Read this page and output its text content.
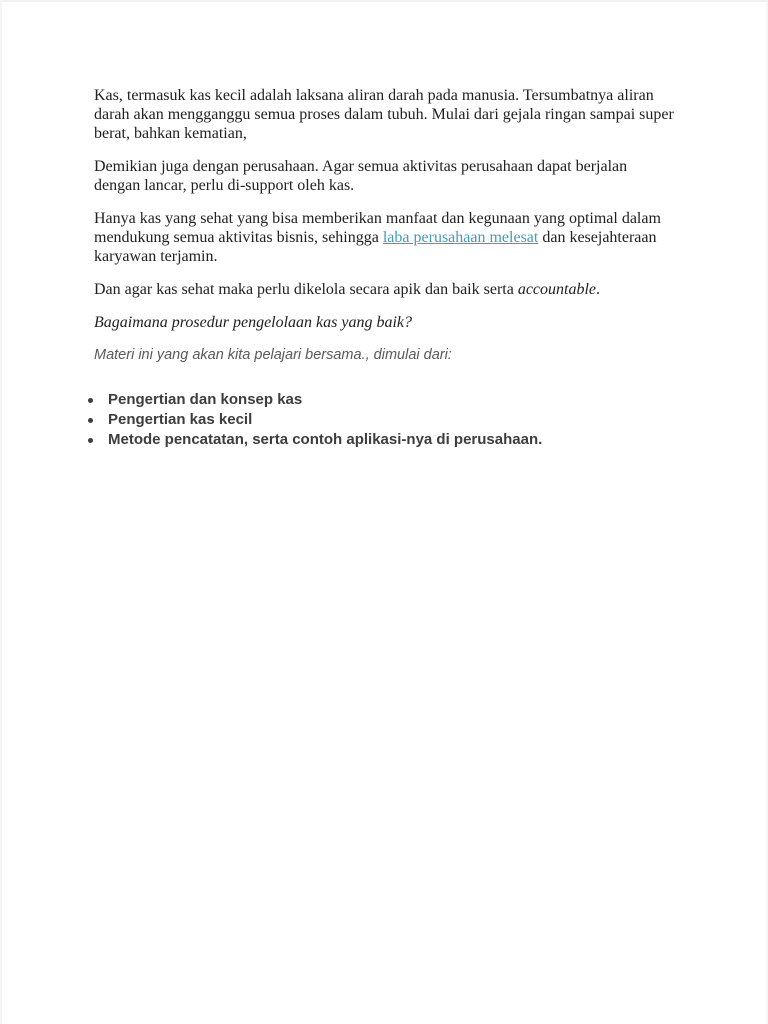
Kas, termasuk kas kecil adalah laksana aliran darah pada manusia. Tersumbatnya aliran darah akan mengganggu semua proses dalam tubuh. Mulai dari gejala ringan sampai super berat, bahkan kematian,

Demikian juga dengan perusahaan. Agar semua aktivitas perusahaan dapat berjalan dengan lancar, perlu di-support oleh kas.

Hanya kas yang sehat yang bisa memberikan manfaat dan kegunaan yang optimal dalam mendukung semua aktivitas bisnis, sehingga laba perusahaan melesat dan kesejahteraan karyawan terjamin.

Dan agar kas sehat maka perlu dikelola secara apik dan baik serta accountable.

Bagaimana prosedur pengelolaan kas yang baik?

Materi ini yang akan kita pelajari bersama., dimulai dari:

Pengertian dan konsep kas
Pengertian kas kecil
Metode pencatatan, serta contoh aplikasi-nya di perusahaan.
